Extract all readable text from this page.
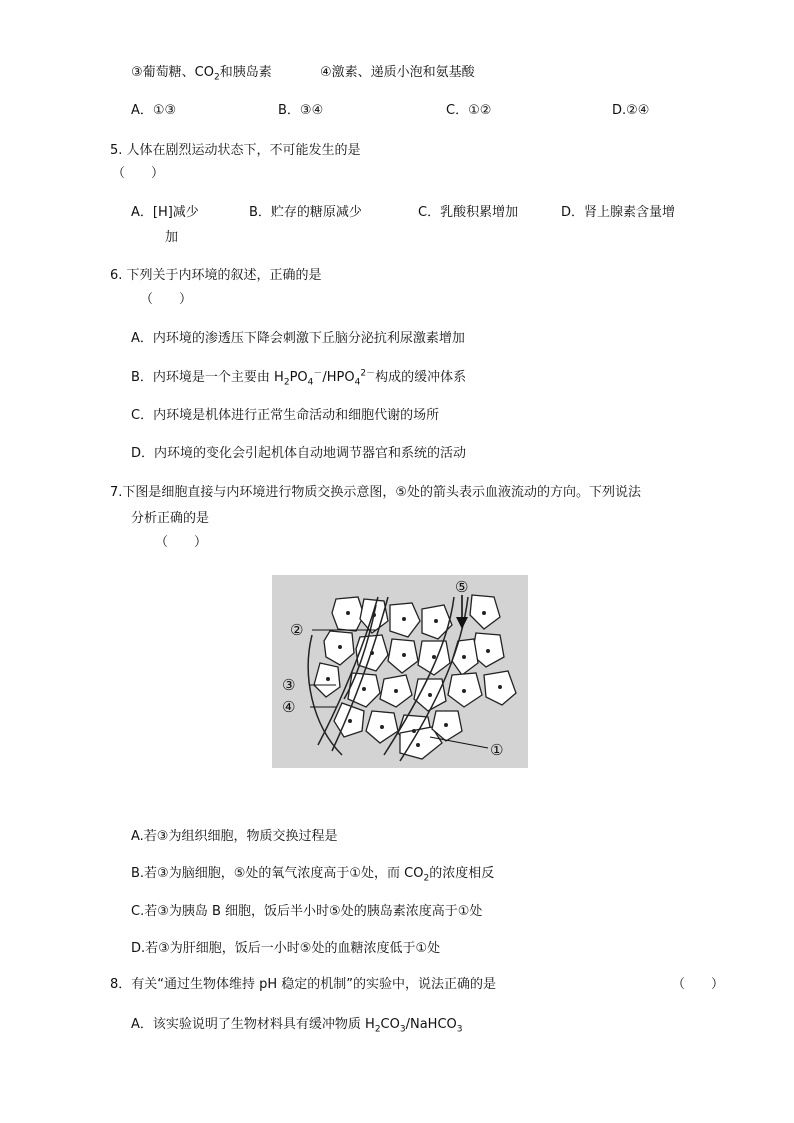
③葡萄糖、$CO_2$和胰岛素	④激素、递质小泡和氨基酸
A．①③	B．③④	C．①②	D.②④
5. 人体在剧烈运动状态下，不可能发生的是
（　　）
A．[H]减少	B．贮存的糖原减少	C．乳酸积累增加	D．肾上腺素含量增
加
6. 下列关于内环境的叙述，正确的是
（　　）
A．内环境的渗透压下降会刺激下丘脑分泌抗利尿激素增加
B．内环境是一个主要由 $H_2PO_4^-/HPO_4^{2-}$构成的缓冲体系
C．内环境是机体进行正常生命活动和细胞代谢的场所
D．内环境的变化会引起机体自动地调节器官和系统的活动
7.下图是细胞直接与内环境进行物质交换示意图，⑤处的箭头表示血液流动的方向。下列说法
分析正确的是
（　　）
⑤
②
③
④
①
A.若③为组织细胞，物质交换过程是
B.若③为脑细胞，⑤处的氧气浓度高于①处，而 $CO_2$的浓度相反
C.若③为胰岛 B 细胞，饭后半小时⑤处的胰岛素浓度高于①处
D.若③为肝细胞，饭后一小时⑤处的血糖浓度低于①处
8．有关“通过生物体维持 pH 稳定的机制”的实验中，说法正确的是	（　　）
A．该实验说明了生物材料具有缓冲物质 $H_2CO_3/NaHCO_3$
